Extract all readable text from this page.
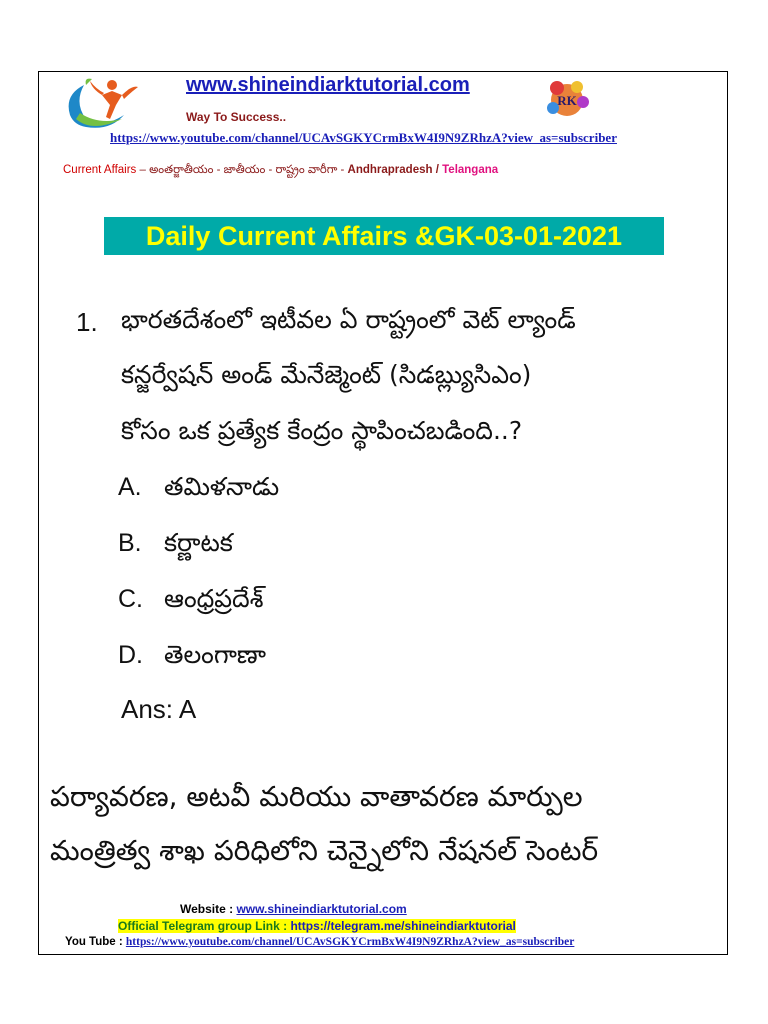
RK
www.shineindiarktutorial.com
Way To Success..
https://www.youtube.com/channel/UCAvSGKYCrmBxW4I9N9ZRhzA?view_as=subscriber
Current Affairs – అంతర్జాతీయం - జాతీయం - రాష్ట్రం వారీగా - Andhrapradesh / Telangana
Daily Current Affairs &GK-03-01-2021
1. భారతదేశంలో ఇటీవల ఏ రాష్ట్రంలో వెట్ ల్యాండ్
కన్జర్వేషన్ అండ్ మేనేజ్మెంట్ (సిడబ్ల్యుసిఎం)
కోసం ఒక ప్రత్యేక కేంద్రం స్థాపించబడింది..?
A. తమిళనాడు
B. కర్ణాటక
C. ఆంధ్రప్రదేశ్
D. తెలంగాణా
Ans: A
పర్యావరణ, అటవీ మరియు వాతావరణ మార్పుల
మంత్రిత్వ శాఖ పరిధిలోని చెన్నైలోని నేషనల్ సెంటర్
Website : www.shineindiarktutorial.com
Official Telegram group Link : https://telegram.me/shineindiarktutorial
You Tube : https://www.youtube.com/channel/UCAvSGKYCrmBxW4I9N9ZRhzA?view_as=subscriber
